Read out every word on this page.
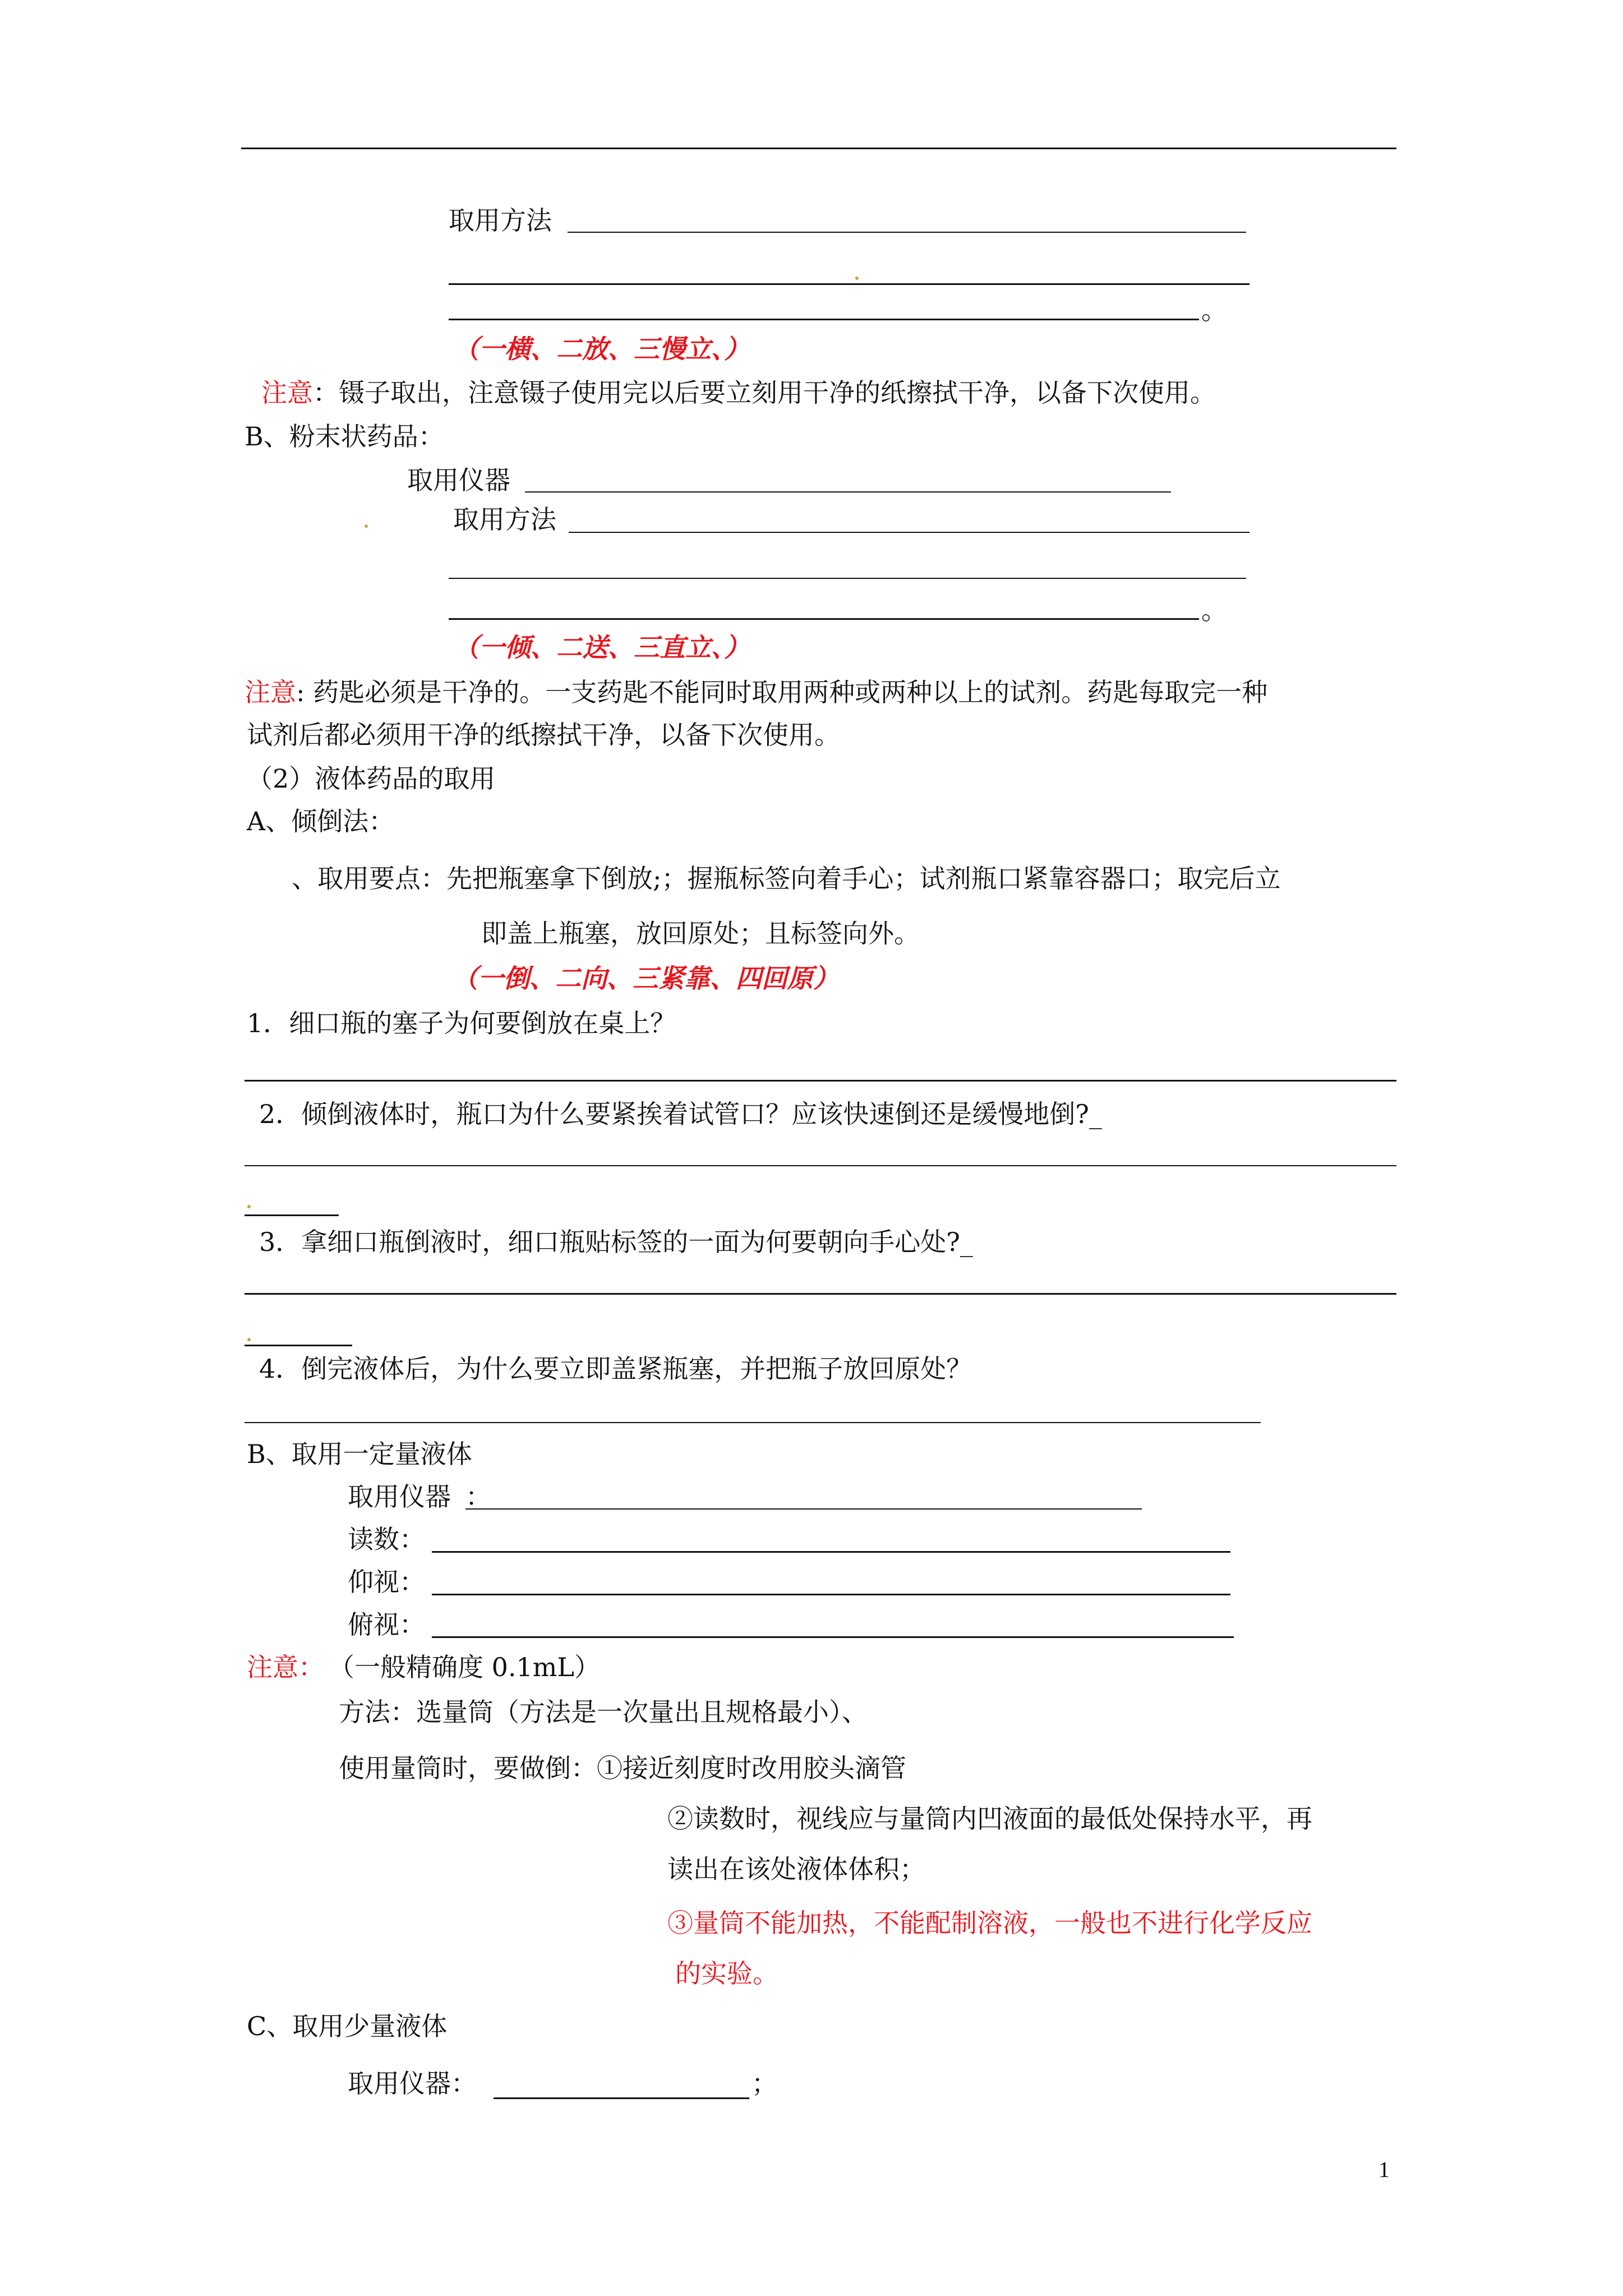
取用方法
。
（一横、二放、三慢立、）
注意 ：镊子取出，注意镊子使用完以后要立刻用干净的纸擦拭干净，以备下次使用。
B、粉末状药品：
取用仪器
取用方法
。
（一倾、二送、三直立、）
注意 : 药匙必须是干净的。一支药匙不能同时取用两种或两种以上的试剂。药匙每取完一种
试剂后都必须用干净的纸擦拭干净，以备下次使用。
（2）液体药品的取用
A、倾倒法：
、取用要点：先把瓶塞拿下倒放;；握瓶标签向着手心；试剂瓶口紧靠容器口；取完后立
即盖上瓶塞，放回原处；且标签向外。
（一倒、二向、三紧靠、四回原）
1．细口瓶的塞子为何要倒放在桌上？
2．倾倒液体时，瓶口为什么要紧挨着试管口？应该快速倒还是缓慢地倒?_
3．拿细口瓶倒液时，细口瓶贴标签的一面为何要朝向手心处?_
4．倒完液体后，为什么要立即盖紧瓶塞，并把瓶子放回原处？
B、取用一定量液体
取用仪器 ：
读数：
仰视：
俯视：
注意： （一般精确度 0.1mL）
方法：选量筒（方法是一次量出且规格最小）、
使用量筒时，要做倒：①接近刻度时改用胶头滴管
②读数时，视线应与量筒内凹液面的最低处保持水平，再
读出在该处液体体积；
③量筒不能加热，不能配制溶液，一般也不进行化学反应
的实验。
C、取用少量液体
取用仪器：	；
1
